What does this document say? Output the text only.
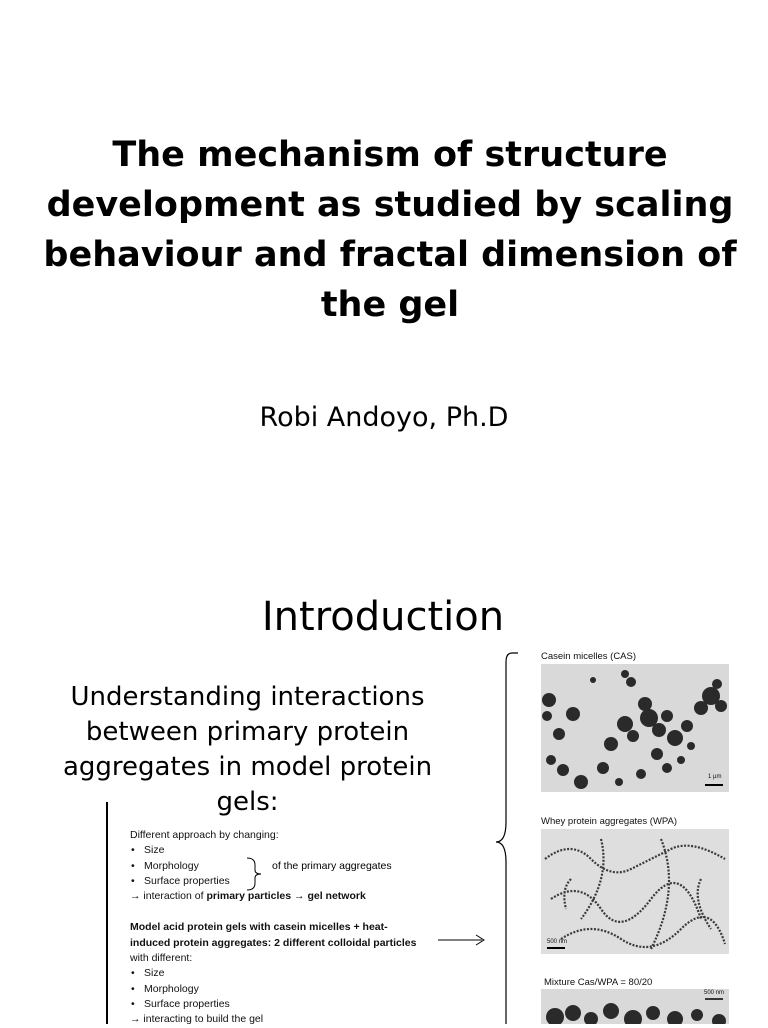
The mechanism of structure development as studied by scaling behaviour and fractal dimension of the gel
Robi Andoyo, Ph.D
Introduction
Understanding interactions between primary protein aggregates in model protein gels:
Different approach by changing:
• Size
• Morphology
• Surface properties
→ interaction of primary particles → gel network
Model acid protein gels with casein micelles + heat-
induced protein aggregates: 2 different colloidal particles
with different:
• Size
• Morphology
• Surface properties
→ interacting to build the gel
of the primary aggregates
Casein micelles (CAS)
1 µm
Whey protein aggregates (WPA)
500 nm
Mixture Cas/WPA = 80/20
500 nm
